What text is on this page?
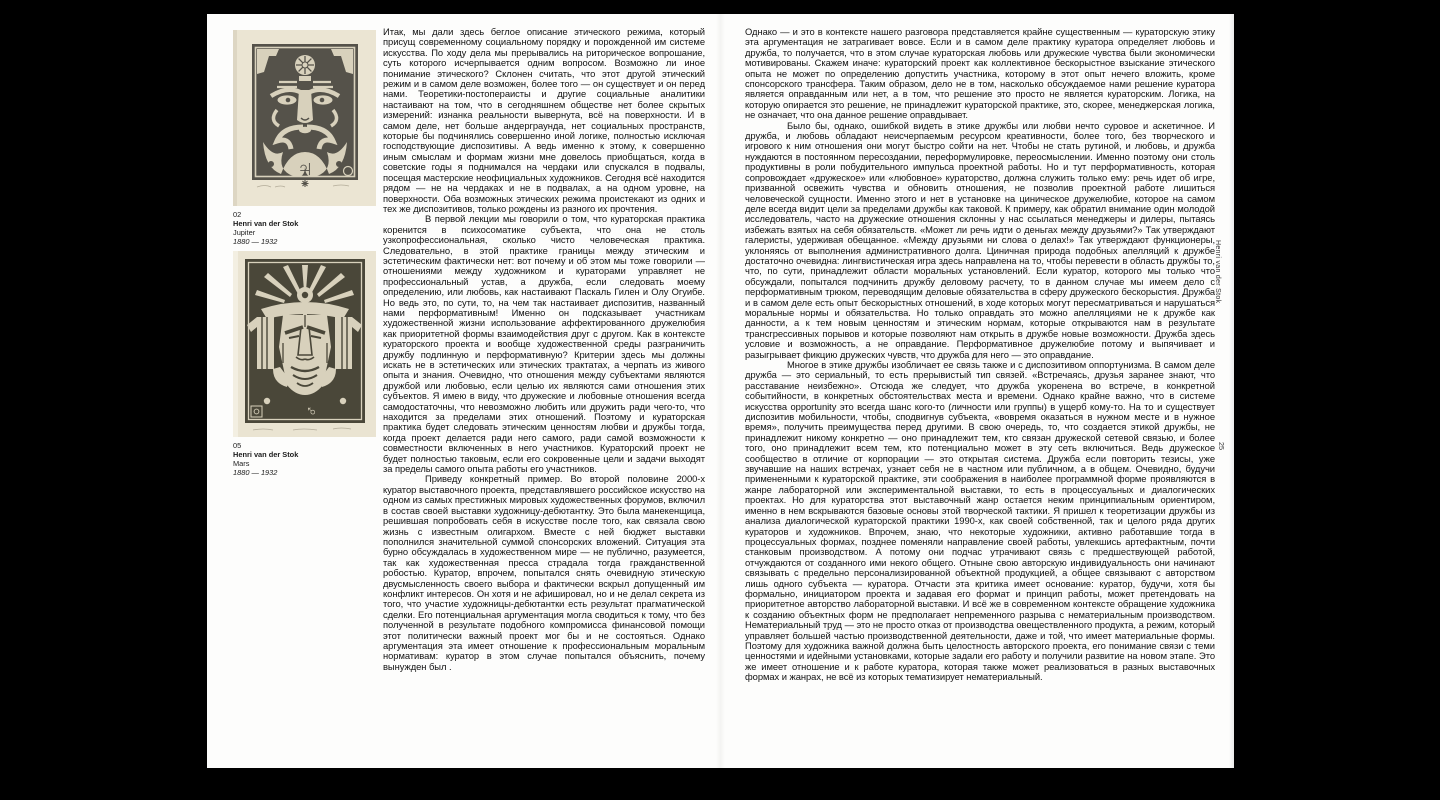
♃
02
Henri van der Stok
Jupiter
1880 — 1932
♂
05
Henri van der Stok
Mars
1880 — 1932

Итак, мы дали здесь беглое описание этического режима, который присущ современному социальному порядку и порожденной им системе искусства. По ходу дела мы прерывались на риторическое вопрошание, суть которого исчерпывается одним вопросом. Возможно ли иное понимание этического? Склонен считать, что этот другой этический режим и в самом деле возможен, более того — он существует и он перед нами. Теоретики-постопераисты и другие социальные аналитики настаивают на том, что в сегодняшнем обществе нет более скрытых измерений: изнанка реальности вывернута, всё на поверхности. И в самом деле, нет больше андерграунда, нет социальных пространств, которые бы подчинялись совершенно иной логике, полностью исключая господствующие диспозитивы. А ведь именно к этому, к совершенно иным смыслам и формам жизни мне довелось приобщаться, когда в советские годы я поднимался на чердаки или спускался в подвалы, посещая мастерские неофициальных художников. Сегодня всё находится рядом — не на чердаках и не в подвалах, а на одном уровне, на поверхности. Оба возможных этических режима проистекают из одних и тех же диспозитивов, только рождены из разного их прочтения.

В первой лекции мы говорили о том, что кураторская практика коренится в психосоматике субъекта, что она не столь узкопрофессиональная, сколько чисто человеческая практика. Следовательно, в этой практике границы между этическим и эстетическим фактически нет: вот почему и об этом мы тоже говорили — отношениями между художником и кураторами управляет не профессиональный устав, а дружба, если следовать моему определению, или любовь, как настаивают Паскаль Гилен и Олу Огуибе. Но ведь это, по сути, то, на чем так настаивает диспозитив, названный нами перформативным! Именно он подсказывает участникам художественной жизни использование аффектированного дружелюбия как приоритетной формы взаимодействия друг с другом. Как в контексте кураторского проекта и вообще художественной среды разграничить дружбу подлинную и перформативную? Критерии здесь мы должны искать не в эстетических или этических трактатах, а черпать из живого опыта и знания. Очевидно, что отношения между субъектами являются дружбой или любовью, если целью их являются сами отношения этих субъектов. Я имею в виду, что дружеские и любовные отношения всегда самодостаточны, что невозможно любить или дружить ради чего-то, что находится за пределами этих отношений. Поэтому и кураторская практика будет следовать этическим ценностям любви и дружбы тогда, когда проект делается ради него самого, ради самой возможности к совместности включенных в него участников. Кураторский проект не будет полностью таковым, если его сокровенные цели и задачи выходят за пределы самого опыта работы его участников.

Приведу конкретный пример. Во второй половине 2000-х куратор выставочного проекта, представлявшего российское искусство на одном из самых престижных мировых художественных форумов, включил в состав своей выставки художницу-дебютантку. Это была манекенщица, решившая попробовать себя в искусстве после того, как связала свою жизнь с известным олигархом. Вместе с ней бюджет выставки пополнился значительной суммой спонсорских вложений. Ситуация эта бурно обсуждалась в художественном мире — не публично, разумеется, так как художественная пресса страдала тогда гражданственной робостью. Куратор, впрочем, попытался снять очевидную этическую двусмысленность своего выбора и фактически вскрыл допущенный им конфликт интересов. Он хотя и не афишировал, но и не делал секрета из того, что участие художницы-дебютантки есть результат прагматической сделки. Его потенциальная аргументация могла сводиться к тому, что без полученной в результате подобного компромисса финансовой помощи этот политически важный проект мог бы и не состояться. Однако аргументация эта имеет отношение к профессиональным моральным нормативам: куратор в этом случае попытался объяснить, почему вынужден был .

Однако — и это в контексте нашего разговора представляется крайне существенным — кураторскую этику эта аргументация не затрагивает вовсе. Если и в самом деле практику куратора определяет любовь и дружба, то получается, что в этом случае кураторская любовь или дружеские чувства были экономически мотивированы. Скажем иначе: кураторский проект как коллективное бескорыстное взыскание этического опыта не может по определению допустить участника, которому в этот опыт нечего вложить, кроме спонсорского трансфера. Таким образом, дело не в том, насколько обсуждаемое нами решение куратора является оправданным или нет, а в том, что решение это просто не является кураторским. Логика, на которую опирается это решение, не принадлежит кураторской практике, это, скорее, менеджерская логика, не означает, что она данное решение оправдывает.

Было бы, однако, ошибкой видеть в этике дружбы или любви нечто суровое и аскетичное. И дружба, и любовь обладают неисчерпаемым ресурсом креативности, более того, без творческого и игрового к ним отношения они могут быстро сойти на нет. Чтобы не стать рутиной, и любовь, и дружба нуждаются в постоянном пересоздании, переформулировке, переосмыслении. Именно поэтому они столь продуктивны в роли побудительного импульса проектной работы. Но и тут перформативность, которая сопровождает «дружеское» или «любовное» кураторство, должна служить только ему: речь идет об игре, призванной освежить чувства и обновить отношения, не позволив проектной работе лишиться человеческой сущности. Именно этого и нет в установке на циническое дружелюбие, которое на самом деле всегда видит цели за пределами дружбы как таковой. К примеру, как обратил внимание один молодой исследователь, часто на дружеские отношения склонны у нас ссылаться менеджеры и дилеры, пытаясь избежать взятых на себя обязательств. «Может ли речь идти о деньгах между друзьями?» Так утверждают галеристы, удерживая обещанное. «Между друзьями ни слова о делах!» Так утверждают функционеры, уклоняясь от выполнения административного долга. Циничная природа подобных апелляций к дружбе достаточно очевидна: лингвистическая игра здесь направлена на то, чтобы перевести в область дружбы то, что, по сути, принадлежит области моральных установлений. Если куратор, которого мы только что обсуждали, попытался подчинить дружбу деловому расчету, то в данном случае мы имеем дело с перформативным трюком, переводящим деловые обязательства в сферу дружеского бескорыстия. Дружба и в самом деле есть опыт бескорыстных отношений, в ходе которых могут пересматриваться и нарушаться моральные нормы и обязательства. Но только оправдать это можно апелляциями не к дружбе как данности, а к тем новым ценностям и этическим нормам, которые открываются нам в результате трансгрессивных порывов и которые позволяют нам открыть в дружбе новые возможности. Дружба здесь условие и возможность, а не оправдание. Перформативное дружелюбие потому и выпячивает и разыгрывает фикцию дружеских чувств, что дружба для него — это оправдание.

Многое в этике дружбы изобличает ее связь также и с диспозитивом оппортунизма. В самом деле дружба — это сериальный, то есть прерывистый тип связей. «Встречаясь, друзья заранее знают, что расставание неизбежно». Отсюда же следует, что дружба укоренена во встрече, в конкретной событийности, в конкретных обстоятельствах места и времени. Однако крайне важно, что в системе искусства opportunity это всегда шанс кого-то (личности или группы) в ущерб кому-то. На то и существует диспозитив мобильности, чтобы, сподвигнув субъекта, «вовремя оказаться в нужном месте и в нужное время», получить преимущества перед другими. В свою очередь, то, что создается этикой дружбы, не принадлежит никому конкретно — оно принадлежит тем, кто связан дружеской сетевой связью, и более того, оно принадлежит всем тем, кто потенциально может в эту сеть включиться. Ведь дружеское сообщество в отличие от корпорации — это открытая система. Дружба если повторить тезисы, уже звучавшие на наших встречах, узнает себя не в частном или публичном, а в общем. Очевидно, будучи примененными к кураторской практике, эти соображения в наиболее программной форме проявляются в жанре лабораторной или экспериментальной выставки, то есть в процессуальных и диалогических проектах. Но для кураторства этот выставочный жанр остается неким принципиальным ориентиром, именно в нем вскрываются базовые основы этой творческой тактики. Я пришел к теоретизации дружбы из анализа диалогической кураторской практики 1990-х, как своей собственной, так и целого ряда других кураторов и художников. Впрочем, знаю, что некоторые художники, активно работавшие тогда в процессуальных формах, позднее поменяли направление своей работы, увлекшись артефактным, почти станковым производством. А потому они подчас утрачивают связь с предшествующей работой, отчуждаются от созданного ими некого общего. Отныне свою авторскую индивидуальность они начинают связывать с предельно персонализированной объектной продукцией, а общее связывают с авторством лишь одного субъекта — куратора. Отчасти эта критика имеет основание: куратор, будучи, хотя бы формально, инициатором проекта и задавая его формат и принцип работы, может претендовать на приоритетное авторство лабораторной выставки. И всё же в современном контексте обращение художника к созданию объектных форм не предполагает непременного разрыва с нематериальным производством. Нематериальный труд — это не просто отказ от производства овеществленного продукта, а режим, который управляет большей частью производственной деятельности, даже и той, что имеет материальные формы. Поэтому для художника важной должна быть целостность авторского проекта, его понимание связи с теми ценностями и идейными установками, которые задали его работу и получили развитие на новом этапе. Это же имеет отношение и к работе куратора, которая также может реализоваться в разных выставочных формах и жанрах, не всё из которых тематизирует нематериальный.

Henri van der Stok
25
